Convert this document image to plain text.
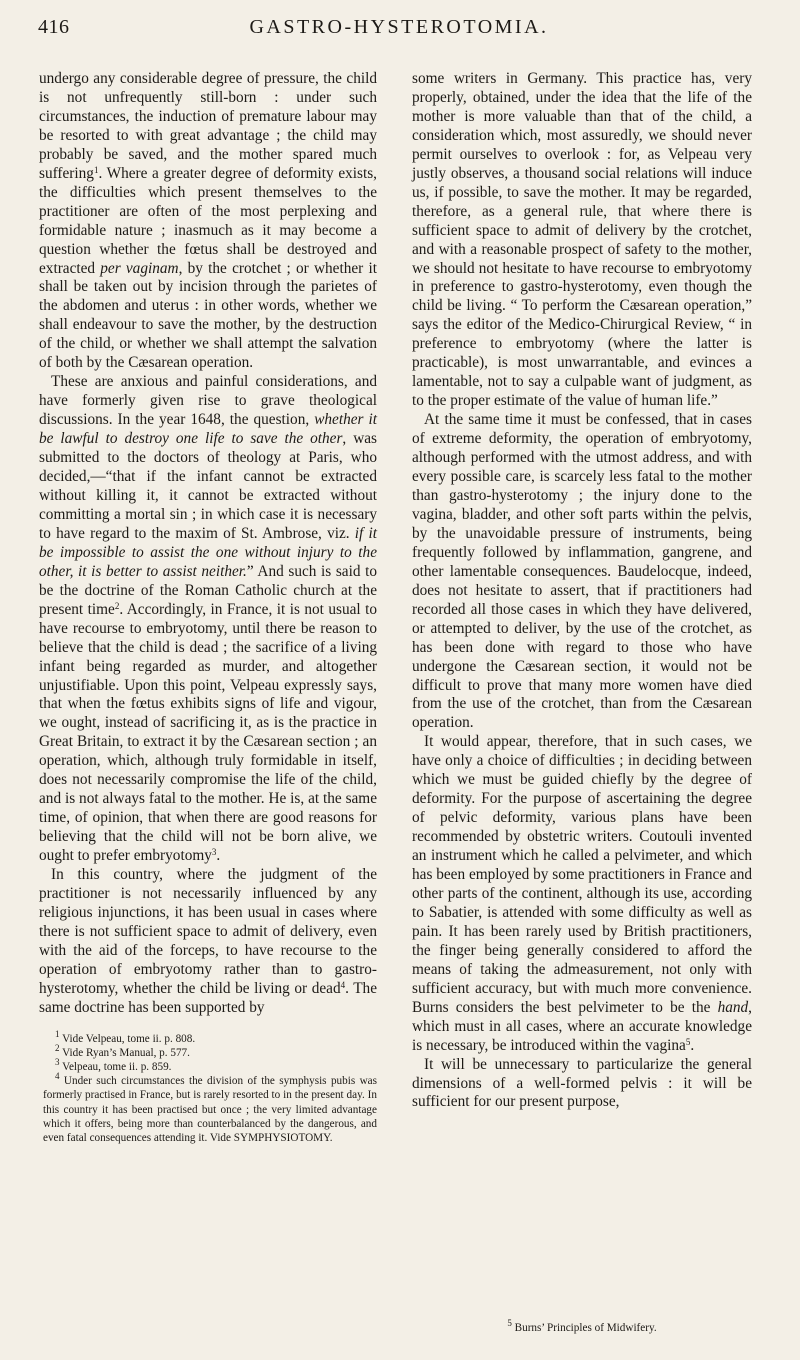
416	GASTRO-HYSTEROTOMIA.

undergo any considerable degree of pressure, the child is not unfrequently still-born : under such circumstances, the induction of premature labour may be resorted to with great advantage ; the child may probably be saved, and the mother spared much suffering$^1$. Where a greater degree of deformity exists, the difficulties which present themselves to the practitioner are often of the most perplexing and formidable nature ; inasmuch as it may become a question whether the fœtus shall be destroyed and extracted per vaginam, by the crotchet ; or whether it shall be taken out by incision through the parietes of the abdomen and uterus : in other words, whether we shall endeavour to save the mother, by the destruction of the child, or whether we shall attempt the salvation of both by the Cæsarean operation.

These are anxious and painful considerations, and have formerly given rise to grave theological discussions. In the year 1648, the question, whether it be lawful to destroy one life to save the other, was submitted to the doctors of theology at Paris, who decided,—“that if the infant cannot be extracted without killing it, it cannot be extracted without committing a mortal sin ; in which case it is necessary to have regard to the maxim of St. Ambrose, viz. if it be impossible to assist the one without injury to the other, it is better to assist neither.” And such is said to be the doctrine of the Roman Catholic church at the present time$^2$. Accordingly, in France, it is not usual to have recourse to embryotomy, until there be reason to believe that the child is dead ; the sacrifice of a living infant being regarded as murder, and altogether unjustifiable. Upon this point, Velpeau expressly says, that when the fœtus exhibits signs of life and vigour, we ought, instead of sacrificing it, as is the practice in Great Britain, to extract it by the Cæsarean section ; an operation, which, although truly formidable in itself, does not necessarily compromise the life of the child, and is not always fatal to the mother. He is, at the same time, of opinion, that when there are good reasons for believing that the child will not be born alive, we ought to prefer embryotomy$^3$.

In this country, where the judgment of the practitioner is not necessarily influenced by any religious injunctions, it has been usual in cases where there is not sufficient space to admit of delivery, even with the aid of the forceps, to have recourse to the operation of embryotomy rather than to gastro-hysterotomy, whether the child be living or dead$^4$. The same doctrine has been supported by

$^1$ Vide Velpeau, tome ii. p. 808.

$^2$ Vide Ryan’s Manual, p. 577.

$^3$ Velpeau, tome ii. p. 859.

$^4$ Under such circumstances the division of the symphysis pubis was formerly practised in France, but is rarely resorted to in the present day. In this country it has been practised but once ; the very limited advantage which it offers, being more than counterbalanced by the dangerous, and even fatal consequences attending it. Vide SYMPHYSIOTOMY.

some writers in Germany. This practice has, very properly, obtained, under the idea that the life of the mother is more valuable than that of the child, a consideration which, most assuredly, we should never permit ourselves to overlook : for, as Velpeau very justly observes, a thousand social relations will induce us, if possible, to save the mother. It may be regarded, therefore, as a general rule, that where there is sufficient space to admit of delivery by the crotchet, and with a reasonable prospect of safety to the mother, we should not hesitate to have recourse to embryotomy in preference to gastro-hysterotomy, even though the child be living. “ To perform the Cæsarean operation,” says the editor of the Medico-Chirurgical Review, “ in preference to embryotomy (where the latter is practicable), is most unwarrantable, and evinces a lamentable, not to say a culpable want of judgment, as to the proper estimate of the value of human life.”

At the same time it must be confessed, that in cases of extreme deformity, the operation of embryotomy, although performed with the utmost address, and with every possible care, is scarcely less fatal to the mother than gastro-hysterotomy ; the injury done to the vagina, bladder, and other soft parts within the pelvis, by the unavoidable pressure of instruments, being frequently followed by inflammation, gangrene, and other lamentable consequences. Baudelocque, indeed, does not hesitate to assert, that if practitioners had recorded all those cases in which they have delivered, or attempted to deliver, by the use of the crotchet, as has been done with regard to those who have undergone the Cæsarean section, it would not be difficult to prove that many more women have died from the use of the crotchet, than from the Cæsarean operation.

It would appear, therefore, that in such cases, we have only a choice of difficulties ; in deciding between which we must be guided chiefly by the degree of deformity. For the purpose of ascertaining the degree of pelvic deformity, various plans have been recommended by obstetric writers. Coutouli invented an instrument which he called a pelvimeter, and which has been employed by some practitioners in France and other parts of the continent, although its use, according to Sabatier, is attended with some difficulty as well as pain. It has been rarely used by British practitioners, the finger being generally considered to afford the means of taking the admeasurement, not only with sufficient accuracy, but with much more convenience. Burns considers the best pelvimeter to be the hand, which must in all cases, where an accurate knowledge is necessary, be introduced within the vagina$^5$.

It will be unnecessary to particularize the general dimensions of a well-formed pelvis : it will be sufficient for our present purpose,

$^5$ Burns’ Principles of Midwifery.
